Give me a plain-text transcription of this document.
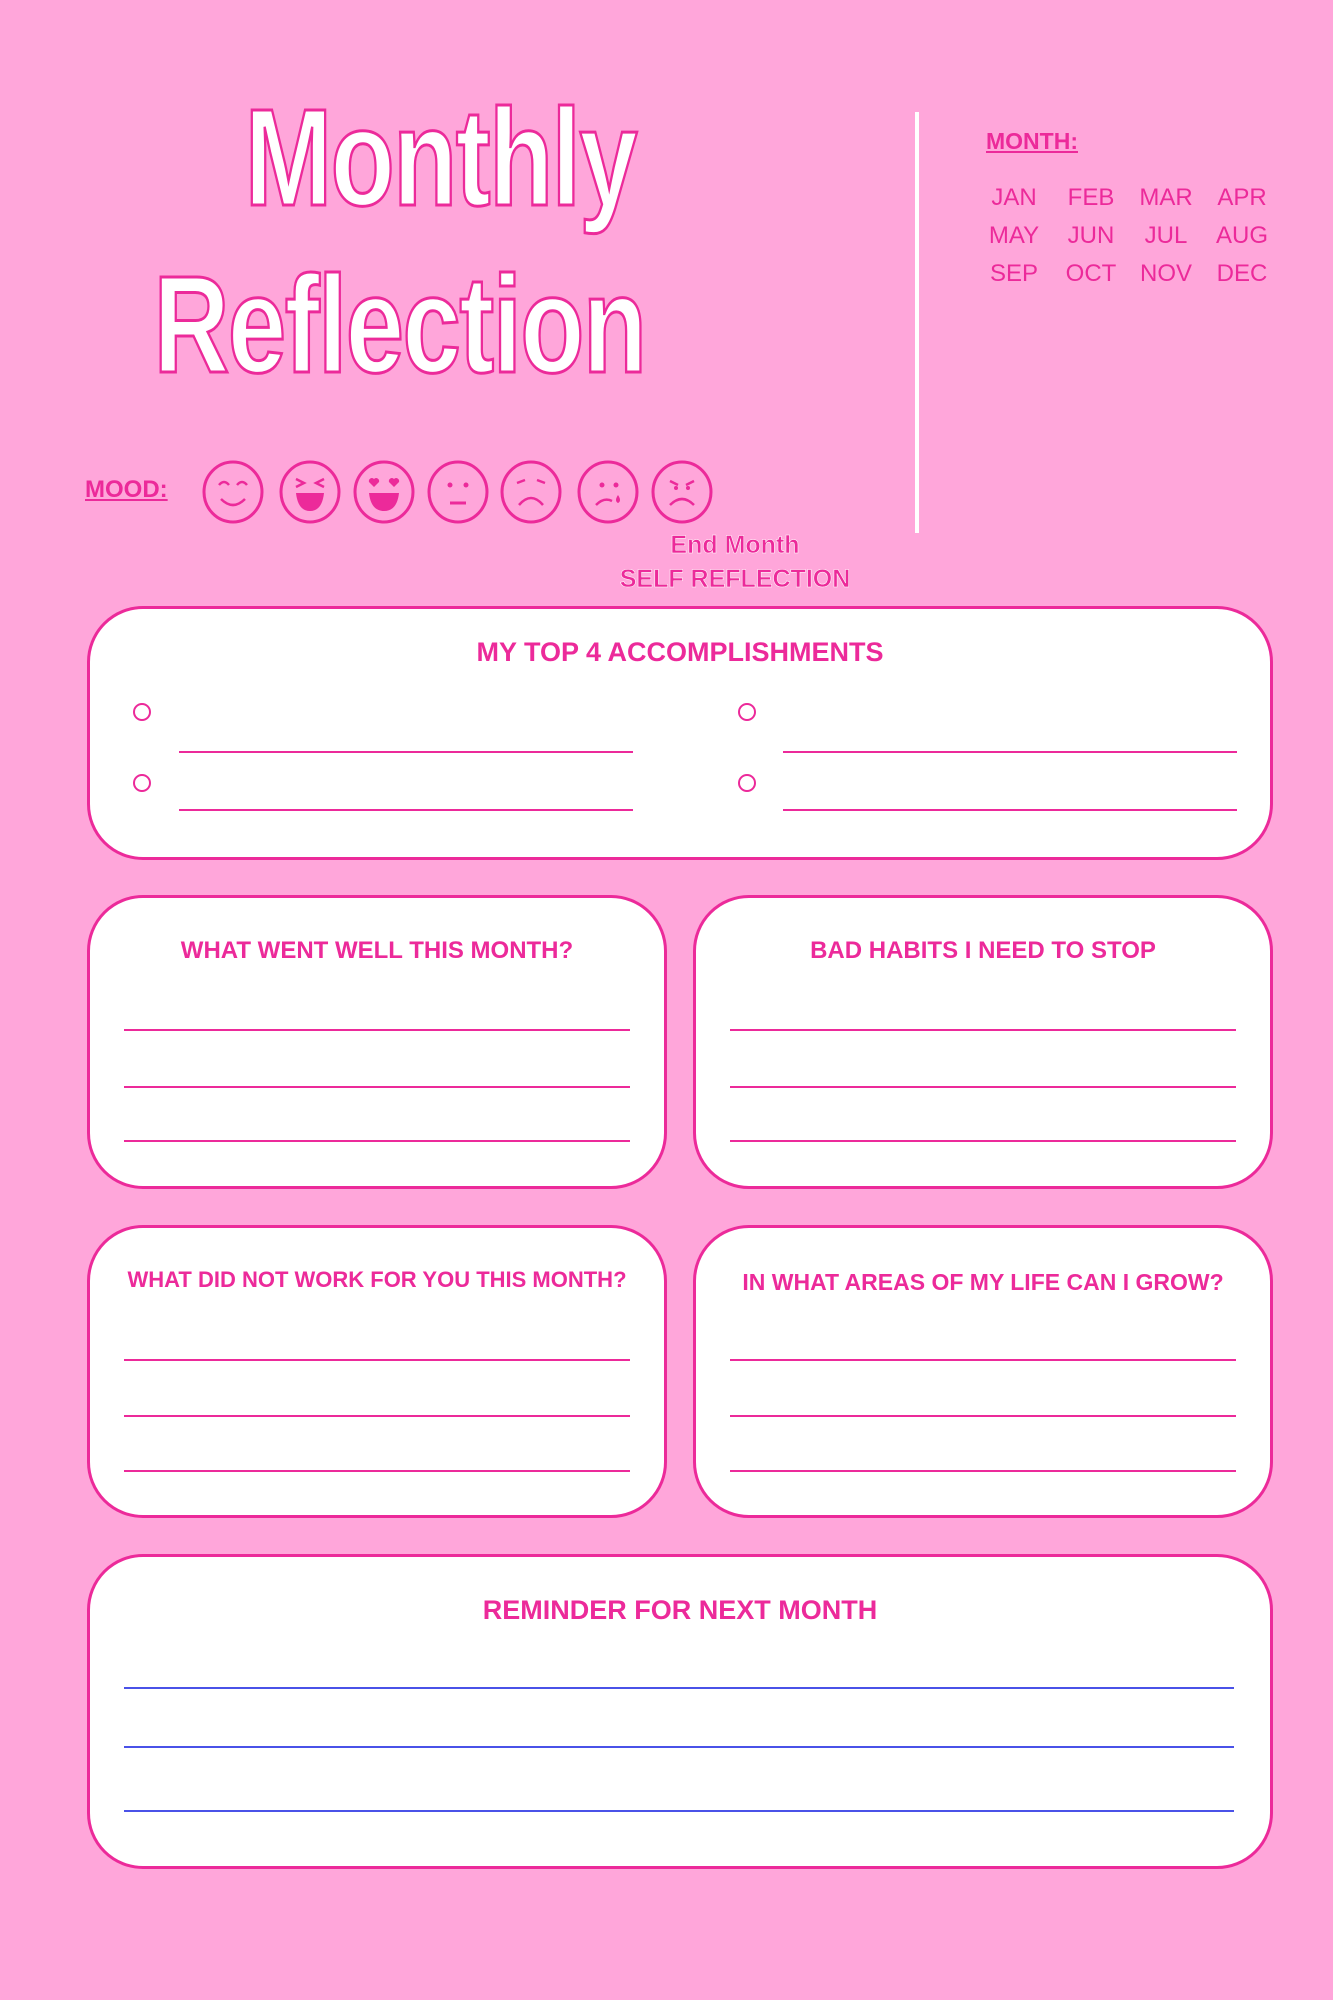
Monthly
Reflection
MONTH:
JAN	FEB	MAR	APR
MAY	JUN	JUL	AUG
SEP	OCT NOV	DEC
MOOD:
End Month
SELF REFLECTION
MY TOP 4 ACCOMPLISHMENTS
WHAT WENT WELL THIS MONTH?	BAD HABITS I NEED TO STOP
WHAT DID NOT WORK FOR YOU THIS MONTH?	IN WHAT AREAS OF MY LIFE CAN I GROW?
REMINDER FOR NEXT MONTH
